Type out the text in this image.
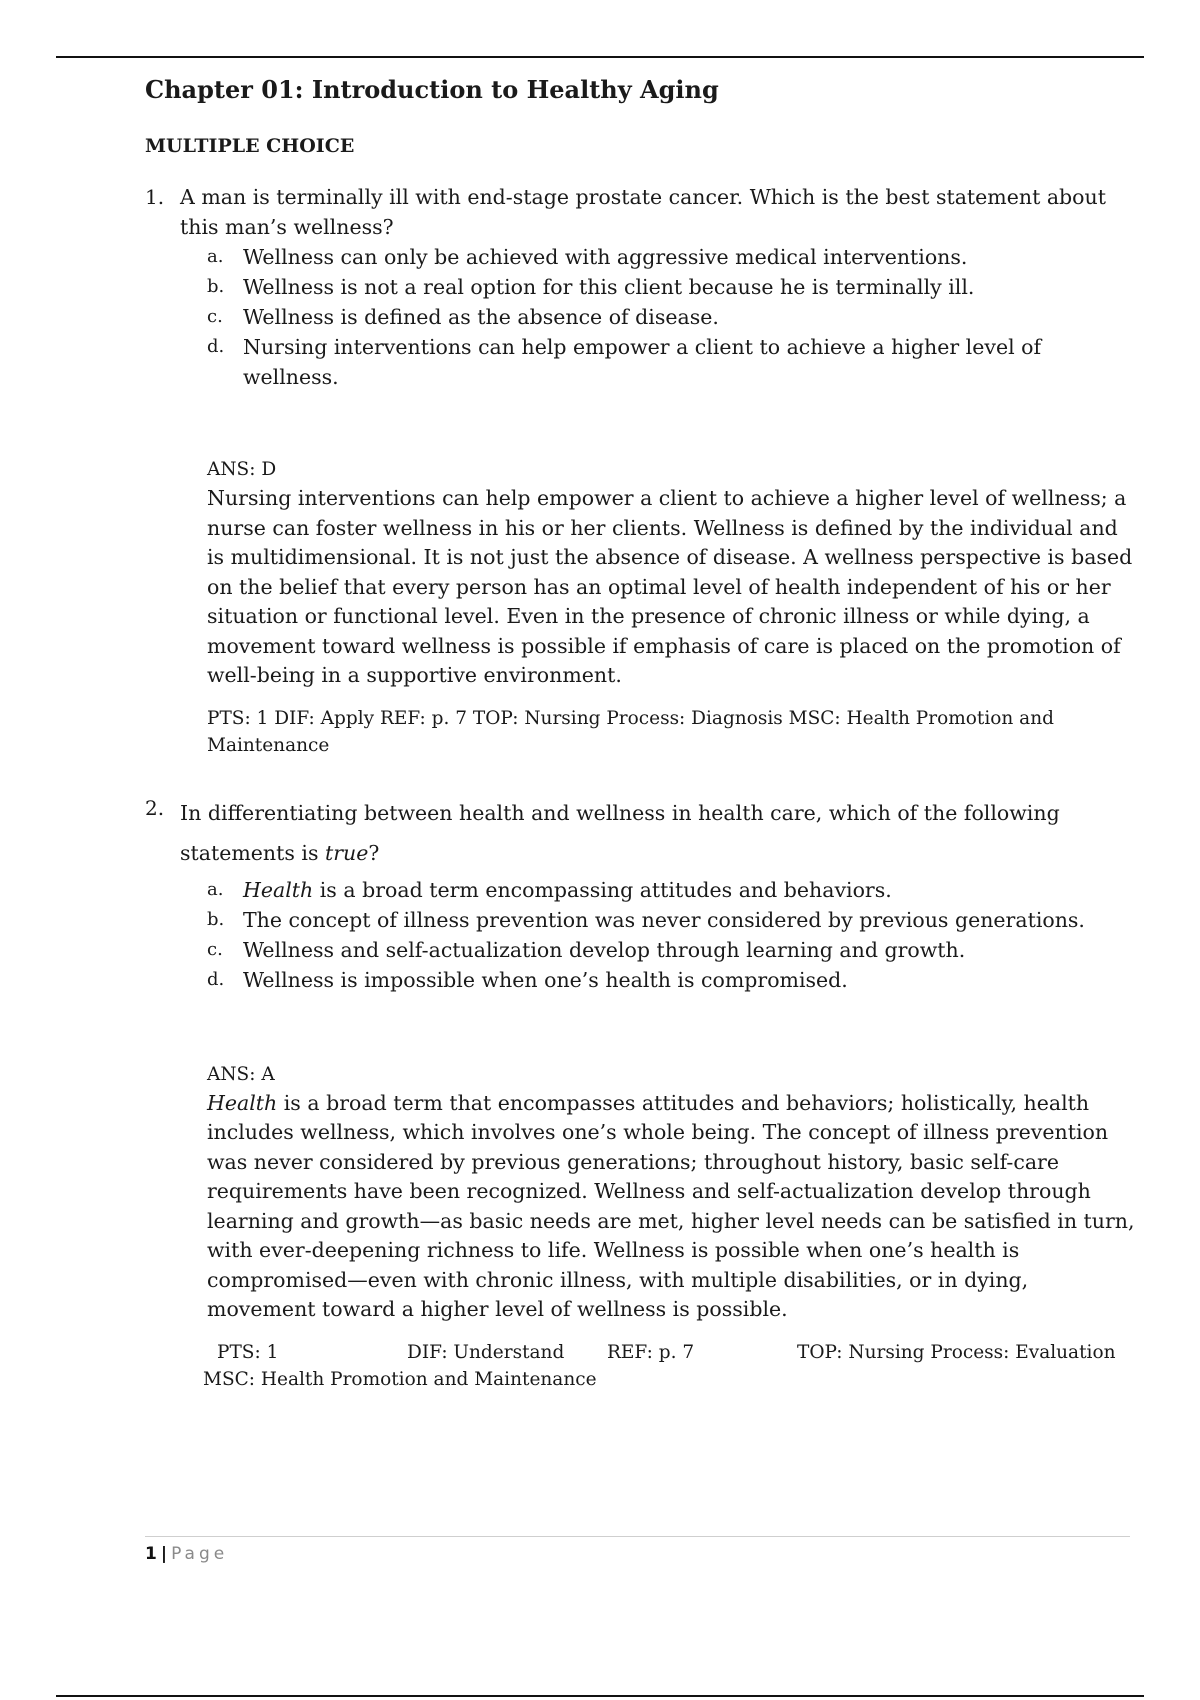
Chapter 01: Introduction to Healthy Aging
MULTIPLE CHOICE
1. A man is terminally ill with end-stage prostate cancer. Which is the best statement about this man’s wellness?
a. Wellness can only be achieved with aggressive medical interventions.
b. Wellness is not a real option for this client because he is terminally ill.
c. Wellness is defined as the absence of disease.
d. Nursing interventions can help empower a client to achieve a higher level of wellness.
ANS: D

Nursing interventions can help empower a client to achieve a higher level of wellness; a nurse can foster wellness in his or her clients. Wellness is defined by the individual and is multidimensional. It is not just the absence of disease. A wellness perspective is based on the belief that every person has an optimal level of health independent of his or her situation or functional level. Even in the presence of chronic illness or while dying, a movement toward wellness is possible if emphasis of care is placed on the promotion of well-being in a supportive environment.

PTS: 1 DIF: Apply REF: p. 7 TOP: Nursing Process: Diagnosis MSC: Health Promotion and Maintenance
2. In differentiating between health and wellness in health care, which of the following statements is true?
a. Health is a broad term encompassing attitudes and behaviors.
b. The concept of illness prevention was never considered by previous generations.
c. Wellness and self-actualization develop through learning and growth.
d. Wellness is impossible when one’s health is compromised.
ANS: A

Health is a broad term that encompasses attitudes and behaviors; holistically, health includes wellness, which involves one’s whole being. The concept of illness prevention was never considered by previous generations; throughout history, basic self-care requirements have been recognized. Wellness and self-actualization develop through learning and growth—as basic needs are met, higher level needs can be satisfied in turn, with ever-deepening richness to life. Wellness is possible when one’s health is compromised—even with chronic illness, with multiple disabilities, or in dying, movement toward a higher level of wellness is possible.

PTS: 1	DIF: Understand	REF: p. 7	TOP: Nursing Process: Evaluation
MSC: Health Promotion and Maintenance
1 | Page
